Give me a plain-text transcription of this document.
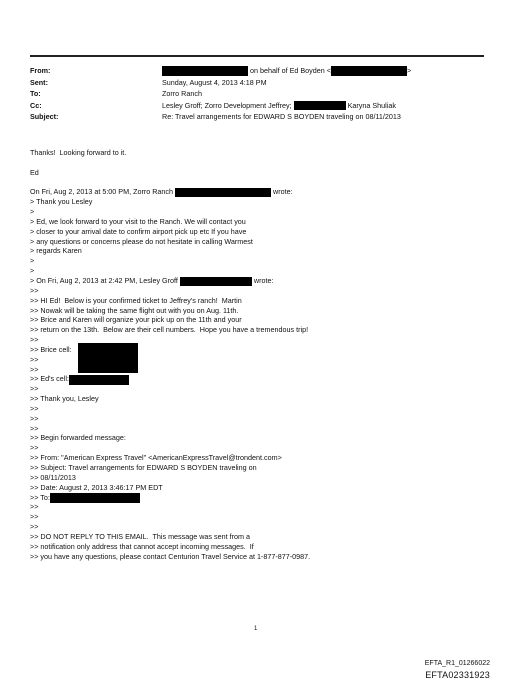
From:	on behalf of Ed Boyden <	>
Sent:	Sunday, August 4, 2013 4:18 PM
To:	Zorro Ranch
Cc:	Lesley Groff; Zorro Development Jeffrey;	Karyna Shuliak
Subject:	Re: Travel arrangements for EDWARD S BOYDEN traveling on 08/11/2013
Thanks!  Looking forward to it.
Ed
On Fri, Aug 2, 2013 at 5:00 PM, Zorro Ranch	wrote:
> Thank you Lesley
>
> Ed, we look forward to your visit to the Ranch. We will contact you
> closer to your arrival date to confirm airport pick up etc If you have
> any questions or concerns please do not hesitate in calling Warmest
> regards Karen
>
>
> On Fri, Aug 2, 2013 at 2:42 PM, Lesley Groff	wrote:
>>
>> HI Ed!  Below is your confirmed ticket to Jeffrey's ranch!  Martin
>> Nowak will be taking the same flight out with you on Aug. 11th.
>> Brice and Karen will organize your pick up on the 11th and your
>> return on the 13th.  Below are their cell numbers.  Hope you have a tremendous trip!
>>
>> Brice cell:
>>
>>
>> Ed's cell:
>>
>> Thank you, Lesley
>>
>>
>>
>> Begin forwarded message:
>>
>> From: "American Express Travel" <AmericanExpressTravel@trondent.com>
>> Subject: Travel arrangements for EDWARD S BOYDEN traveling on
>> 08/11/2013
>> Date: August 2, 2013 3:46:17 PM EDT
>> To:
>>
>>
>>
>> DO NOT REPLY TO THIS EMAIL.  This message was sent from a
>> notification only address that cannot accept incoming messages.  If
>> you have any questions, please contact Centurion Travel Service at 1-877-877-0987.
1
EFTA_R1_01266022
EFTA02331923
